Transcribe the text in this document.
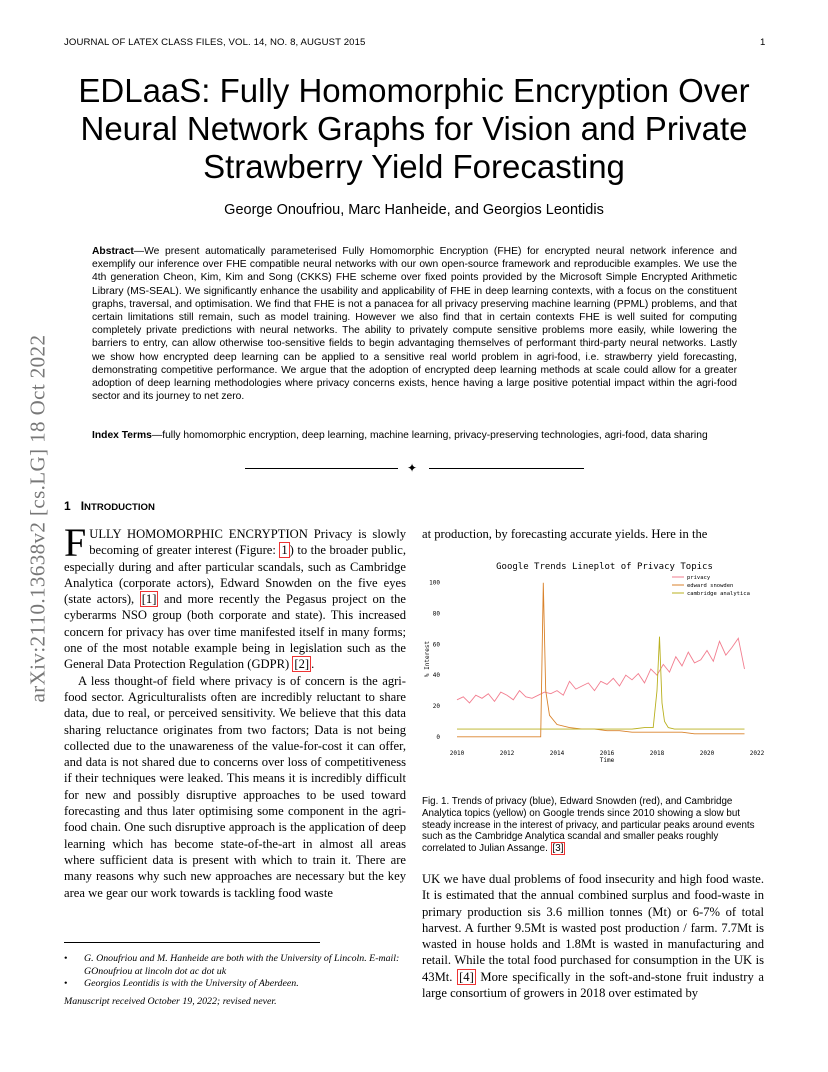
JOURNAL OF LATEX CLASS FILES, VOL. 14, NO. 8, AUGUST 2015	1
EDLaaS: Fully Homomorphic Encryption Over Neural Network Graphs for Vision and Private Strawberry Yield Forecasting
George Onoufriou, Marc Hanheide, and Georgios Leontidis
Abstract—We present automatically parameterised Fully Homomorphic Encryption (FHE) for encrypted neural network inference and exemplify our inference over FHE compatible neural networks with our own open-source framework and reproducible examples. We use the 4th generation Cheon, Kim, Kim and Song (CKKS) FHE scheme over fixed points provided by the Microsoft Simple Encrypted Arithmetic Library (MS-SEAL). We significantly enhance the usability and applicability of FHE in deep learning contexts, with a focus on the constituent graphs, traversal, and optimisation. We find that FHE is not a panacea for all privacy preserving machine learning (PPML) problems, and that certain limitations still remain, such as model training. However we also find that in certain contexts FHE is well suited for computing completely private predictions with neural networks. The ability to privately compute sensitive problems more easily, while lowering the barriers to entry, can allow otherwise too-sensitive fields to begin advantaging themselves of performant third-party neural networks. Lastly we show how encrypted deep learning can be applied to a sensitive real world problem in agri-food, i.e. strawberry yield forecasting, demonstrating competitive performance. We argue that the adoption of encrypted deep learning methods at scale could allow for a greater adoption of deep learning methodologies where privacy concerns exists, hence having a large positive potential impact within the agri-food sector and its journey to net zero.
Index Terms—fully homomorphic encryption, deep learning, machine learning, privacy-preserving technologies, agri-food, data sharing
✦
arXiv:2110.13638v2 [cs.LG] 18 Oct 2022 1 INTRODUCTION

FULLY HOMOMORPHIC ENCRYPTION Privacy is slowly becoming of greater interest (Figure: 1 ) to the broader public, especially during and after particular scandals, such as Cambridge Analytica (corporate actors), Edward Snowden on the five eyes (state actors), [1] and more recently the Pegasus project on the cyberarms NSO group (both corporate and state). This increased concern for privacy has over time manifested itself in many forms; one of the most notable example being in legislation such as the General Data Protection Regulation (GDPR) [2] .

A less thought-of field where privacy is of concern is the agri-food sector. Agriculturalists often are incredibly reluctant to share data, due to real, or perceived sensitivity. We believe that this data sharing reluctance originates from two factors; Data is not being collected due to the unawareness of the value-for-cost it can offer, and data is not shared due to concerns over loss of competitiveness if their techniques were leaked. This means it is incredibly difficult for new and possibly disruptive approaches to be used toward forecasting and thus later optimising some component in the agri-food chain. One such disruptive approach is the application of deep learning which has become state-of-the-art in almost all areas where sufficient data is present with which to train it. There are many reasons why such new approaches are necessary but the key area we gear our work towards is tackling food waste

at production, by forecasting accurate yields. Here in the
Google Trends Lineplot of Privacy Topics
2010	2012	2014	2016	2018	2020	2022
0
20
40
60
80
100
Time
% Interest
privacy
edward snowden
cambridge analytica
Fig. 1. Trends of privacy (blue), Edward Snowden (red), and Cambridge Analytica topics (yellow) on Google trends since 2010 showing a slow but steady increase in the interest of privacy, and particular peaks around events such as the Cambridge Analytica scandal and smaller peaks roughly correlated to Julian Assange. [3]
UK we have dual problems of food insecurity and high food waste. It is estimated that the annual combined surplus and food-waste in primary production sis 3.6 million tonnes (Mt) or 6-7% of total harvest. A further 9.5Mt is wasted post production / farm. 7.7Mt is wasted in house holds and 1.8Mt is wasted in manufacturing and retail. While the total food purchased for consumption in the UK is 43Mt. [4] More specifically in the soft-and-stone fruit industry a large consortium of growers in 2018 over estimated by
• G. Onoufriou and M. Hanheide are both with the University of Lincoln. E-mail: GOnoufriou at lincoln dot ac dot uk
• Georgios Leontidis is with the University of Aberdeen.
Manuscript received October 19, 2022; revised never.
